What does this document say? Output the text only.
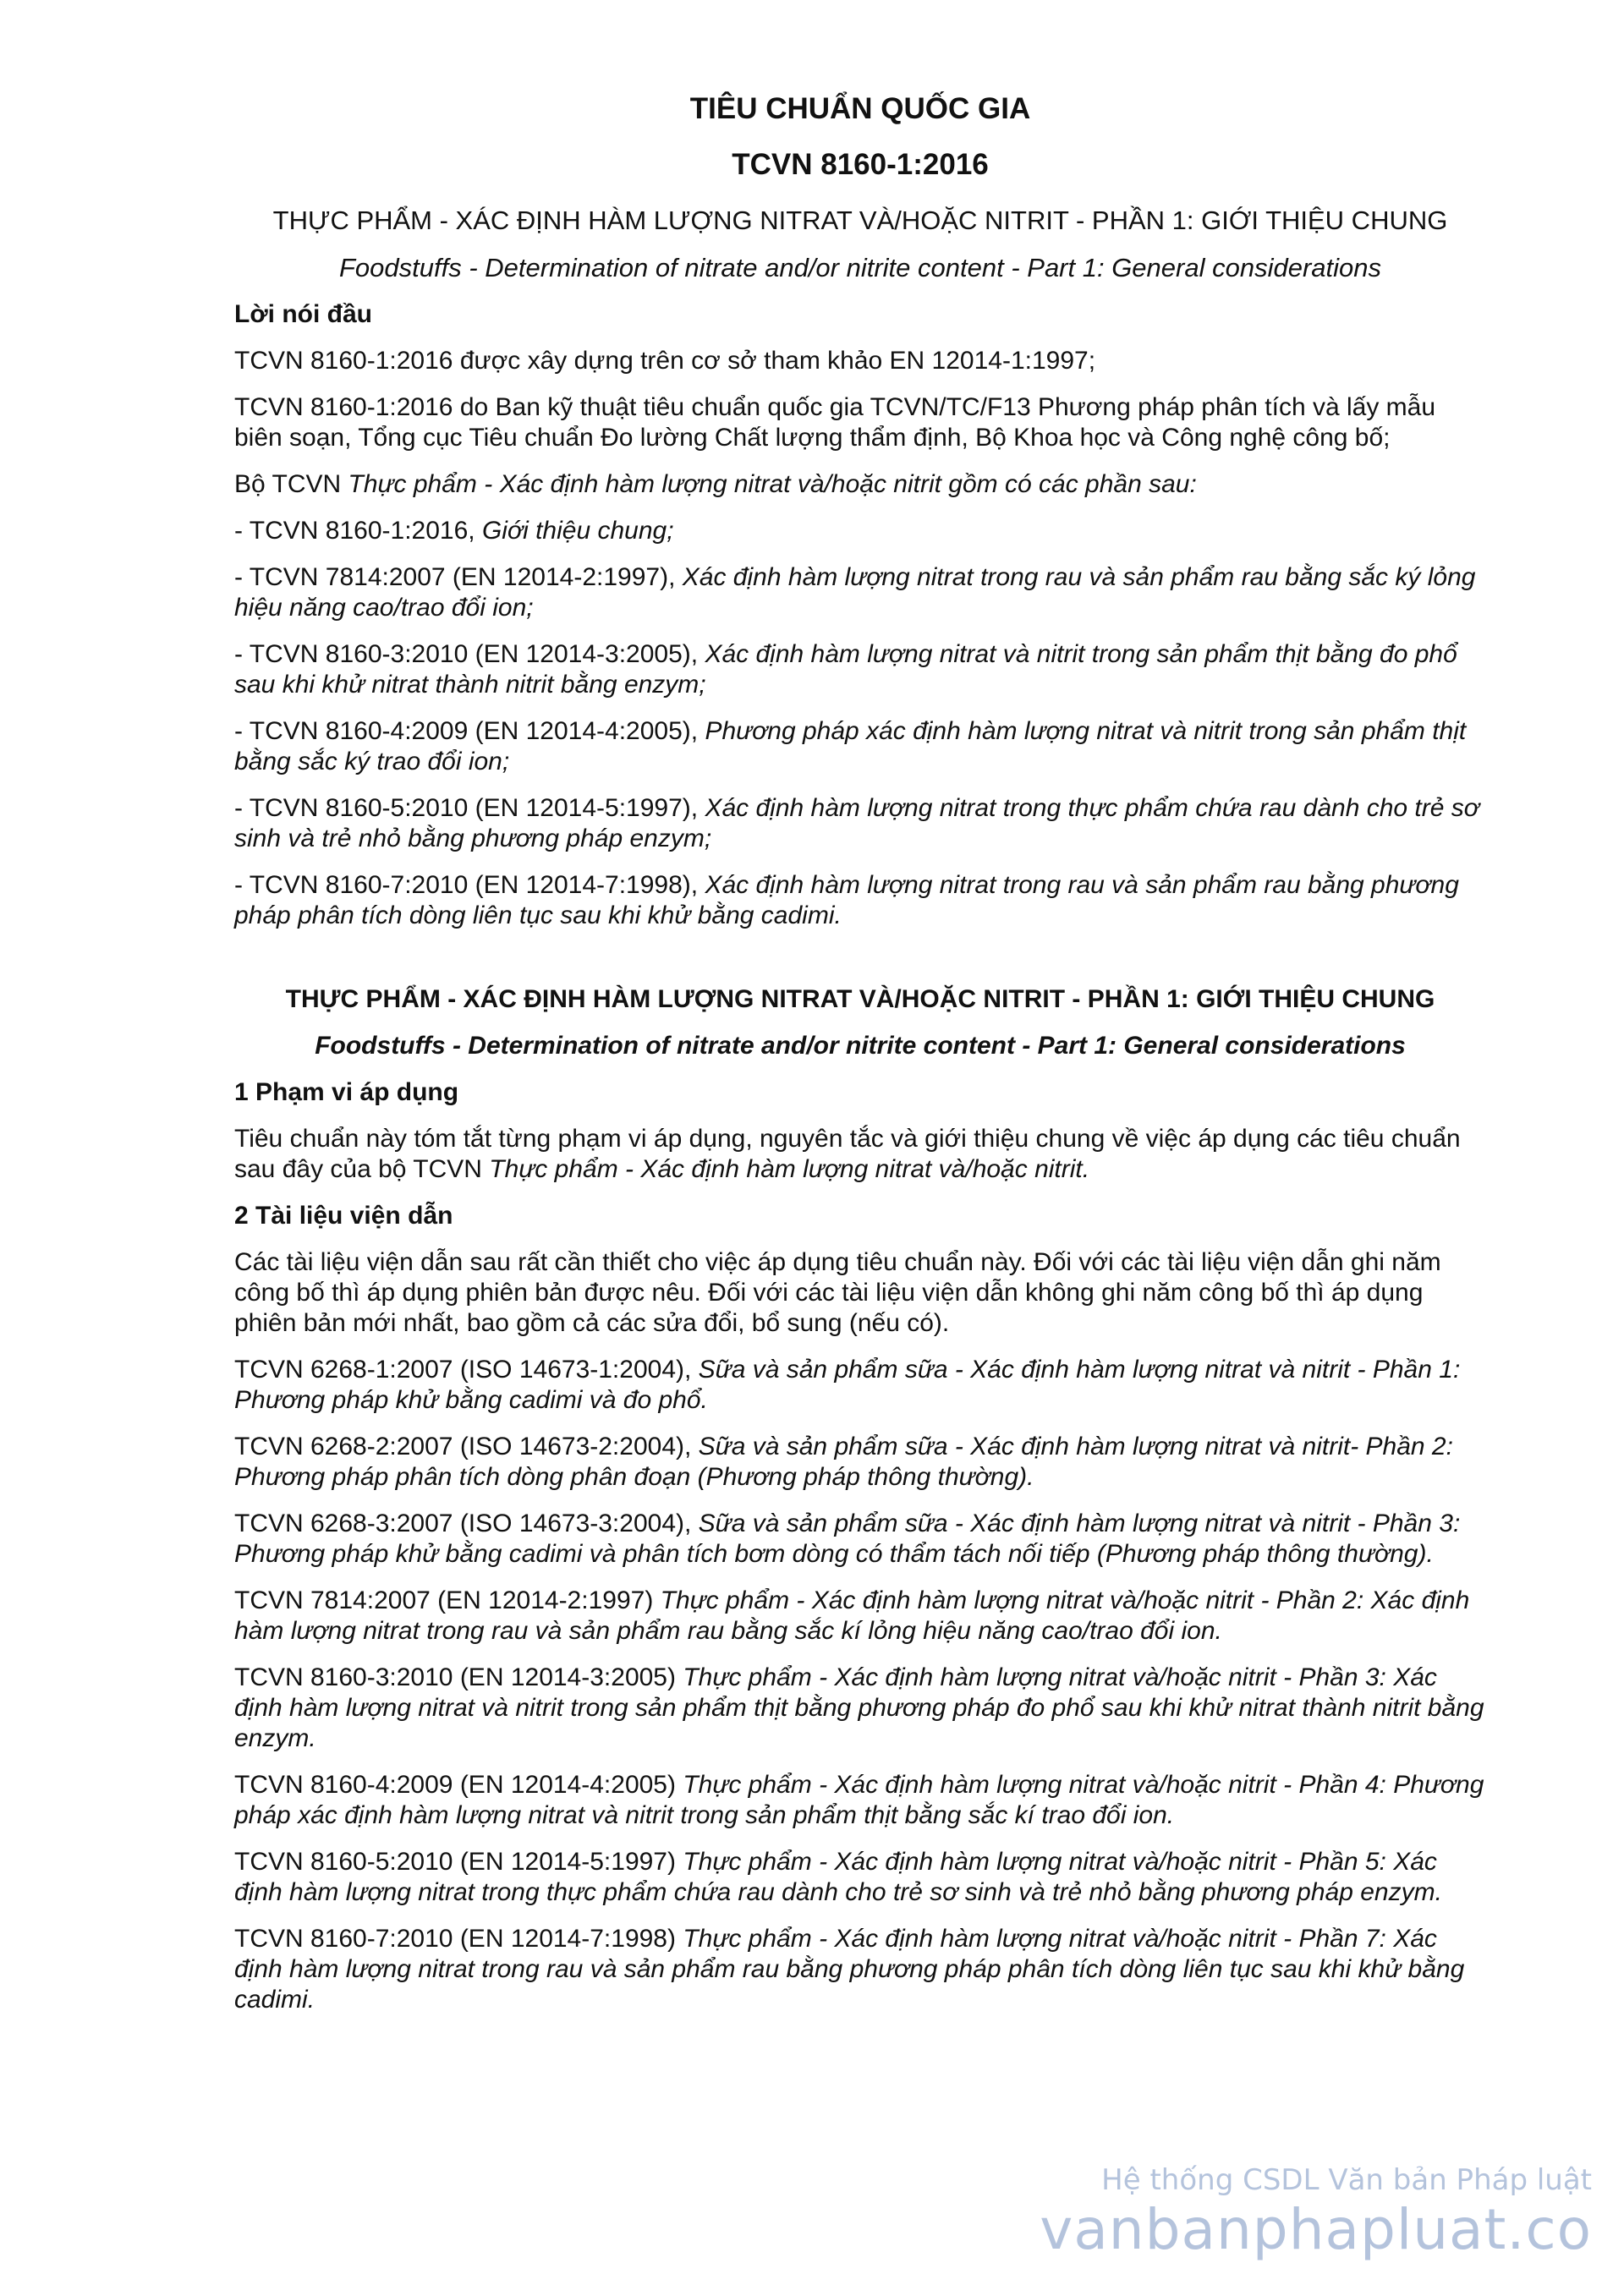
TIÊU CHUẨN QUỐC GIA
TCVN 8160-1:2016
THỰC PHẨM - XÁC ĐỊNH HÀM LƯỢNG NITRAT VÀ/HOẶC NITRIT - PHẦN 1: GIỚI THIỆU CHUNG
Foodstuffs - Determination of nitrate and/or nitrite content - Part 1: General considerations

Lời nói đầu

TCVN 8160-1:2016 được xây dựng trên cơ sở tham khảo EN 12014-1:1997;

TCVN 8160-1:2016 do Ban kỹ thuật tiêu chuẩn quốc gia TCVN/TC/F13 Phương pháp phân tích và lấy mẫu biên soạn, Tổng cục Tiêu chuẩn Đo lường Chất lượng thẩm định, Bộ Khoa học và Công nghệ công bố;

Bộ TCVN Thực phẩm - Xác định hàm lượng nitrat và/hoặc nitrit gồm có các phần sau:

- TCVN 8160-1:2016, Giới thiệu chung;

- TCVN 7814:2007 (EN 12014-2:1997), Xác định hàm lượng nitrat trong rau và sản phẩm rau bằng sắc ký lỏng hiệu năng cao/trao đổi ion;

- TCVN 8160-3:2010 (EN 12014-3:2005), Xác định hàm lượng nitrat và nitrit trong sản phẩm thịt bằng đo phổ sau khi khử nitrat thành nitrit bằng enzym;

- TCVN 8160-4:2009 (EN 12014-4:2005), Phương pháp xác định hàm lượng nitrat và nitrit trong sản phẩm thịt bằng sắc ký trao đổi ion;

- TCVN 8160-5:2010 (EN 12014-5:1997), Xác định hàm lượng nitrat trong thực phẩm chứa rau dành cho trẻ sơ sinh và trẻ nhỏ bằng phương pháp enzym;

- TCVN 8160-7:2010 (EN 12014-7:1998), Xác định hàm lượng nitrat trong rau và sản phẩm rau bằng phương pháp phân tích dòng liên tục sau khi khử bằng cadimi.

THỰC PHẨM - XÁC ĐỊNH HÀM LƯỢNG NITRAT VÀ/HOẶC NITRIT - PHẦN 1: GIỚI THIỆU CHUNG
Foodstuffs - Determination of nitrate and/or nitrite content - Part 1: General considerations

1 Phạm vi áp dụng

Tiêu chuẩn này tóm tắt từng phạm vi áp dụng, nguyên tắc và giới thiệu chung về việc áp dụng các tiêu chuẩn sau đây của bộ TCVN Thực phẩm - Xác định hàm lượng nitrat và/hoặc nitrit.

2 Tài liệu viện dẫn

Các tài liệu viện dẫn sau rất cần thiết cho việc áp dụng tiêu chuẩn này. Đối với các tài liệu viện dẫn ghi năm công bố thì áp dụng phiên bản được nêu. Đối với các tài liệu viện dẫn không ghi năm công bố thì áp dụng phiên bản mới nhất, bao gồm cả các sửa đổi, bổ sung (nếu có).

TCVN 6268-1:2007 (ISO 14673-1:2004), Sữa và sản phẩm sữa - Xác định hàm lượng nitrat và nitrit - Phần 1: Phương pháp khử bằng cadimi và đo phổ.

TCVN 6268-2:2007 (ISO 14673-2:2004), Sữa và sản phẩm sữa - Xác định hàm lượng nitrat và nitrit- Phần 2: Phương pháp phân tích dòng phân đoạn (Phương pháp thông thường).

TCVN 6268-3:2007 (ISO 14673-3:2004), Sữa và sản phẩm sữa - Xác định hàm lượng nitrat và nitrit - Phần 3: Phương pháp khử bằng cadimi và phân tích bơm dòng có thẩm tách nối tiếp (Phương pháp thông thường).

TCVN 7814:2007 (EN 12014-2:1997) Thực phẩm - Xác định hàm lượng nitrat và/hoặc nitrit - Phần 2: Xác định hàm lượng nitrat trong rau và sản phẩm rau bằng sắc kí lỏng hiệu năng cao/trao đổi ion.

TCVN 8160-3:2010 (EN 12014-3:2005) Thực phẩm - Xác định hàm lượng nitrat và/hoặc nitrit - Phần 3: Xác định hàm lượng nitrat và nitrit trong sản phẩm thịt bằng phương pháp đo phổ sau khi khử nitrat thành nitrit bằng enzym.

TCVN 8160-4:2009 (EN 12014-4:2005) Thực phẩm - Xác định hàm lượng nitrat và/hoặc nitrit - Phần 4: Phương pháp xác định hàm lượng nitrat và nitrit trong sản phẩm thịt bằng sắc kí trao đổi ion.

TCVN 8160-5:2010 (EN 12014-5:1997) Thực phẩm - Xác định hàm lượng nitrat và/hoặc nitrit - Phần 5: Xác định hàm lượng nitrat trong thực phẩm chứa rau dành cho trẻ sơ sinh và trẻ nhỏ bằng phương pháp enzym.

TCVN 8160-7:2010 (EN 12014-7:1998) Thực phẩm - Xác định hàm lượng nitrat và/hoặc nitrit - Phần 7: Xác định hàm lượng nitrat trong rau và sản phẩm rau bằng phương pháp phân tích dòng liên tục sau khi khử bằng cadimi.

Hệ thống CSDL Văn bản Pháp luật
vanbanphapluat.co
